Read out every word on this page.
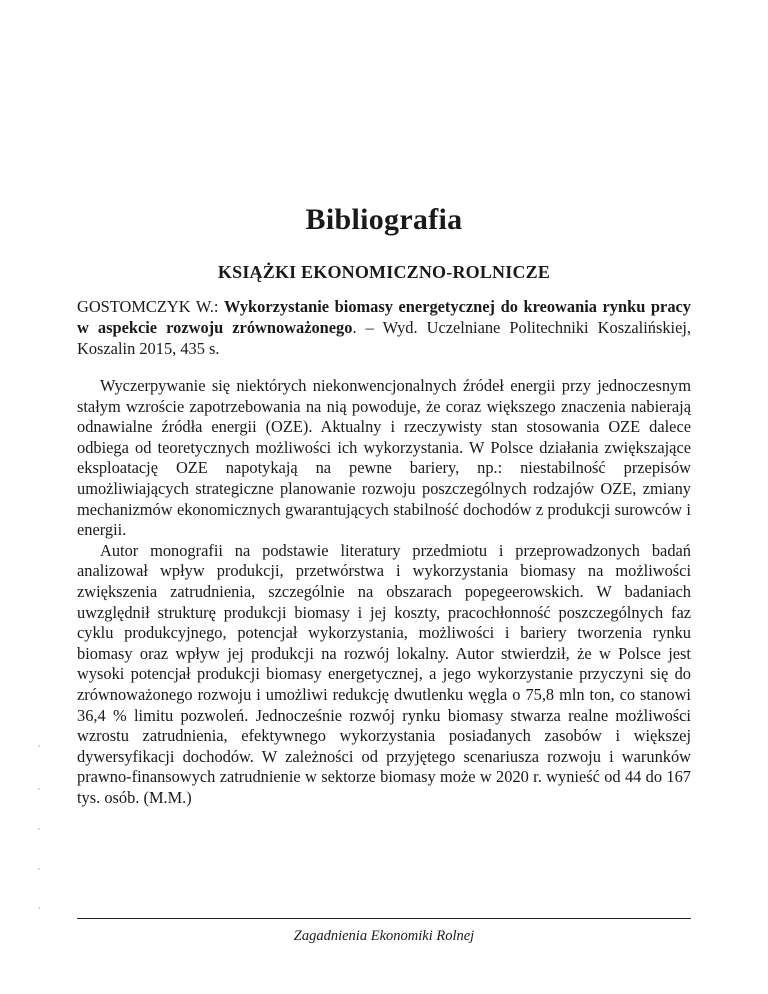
Bibliografia
KSIĄŻKI EKONOMICZNO-ROLNICZE

GOSTOMCZYK W.: Wykorzystanie biomasy energetycznej do kreowania rynku pracy w aspekcie rozwoju zrównoważonego. – Wyd. Uczelniane Politechniki Koszalińskiej, Koszalin 2015, 435 s.

Wyczerpywanie się niektórych niekonwencjonalnych źródeł energii przy jednoczesnym stałym wzroście zapotrzebowania na nią powoduje, że coraz większego znaczenia nabierają odnawialne źródła energii (OZE). Aktualny i rzeczywisty stan stosowania OZE dalece odbiega od teoretycznych możliwości ich wykorzystania. W Polsce działania zwiększające eksploatację OZE napotykają na pewne bariery, np.: niestabilność przepisów umożliwiających strategiczne planowanie rozwoju poszczególnych rodzajów OZE, zmiany mechanizmów ekonomicznych gwarantujących stabilność dochodów z produkcji surowców i energii.

Autor monografii na podstawie literatury przedmiotu i przeprowadzonych badań analizował wpływ produkcji, przetwórstwa i wykorzystania biomasy na możliwości zwiększenia zatrudnienia, szczególnie na obszarach popegeerowskich. W badaniach uwzględnił strukturę produkcji biomasy i jej koszty, pracochłonność poszczególnych faz cyklu produkcyjnego, potencjał wykorzystania, możliwości i bariery tworzenia rynku biomasy oraz wpływ jej produkcji na rozwój lokalny. Autor stwierdził, że w Polsce jest wysoki potencjał produkcji biomasy energetycznej, a jego wykorzystanie przyczyni się do zrównoważonego rozwoju i umożliwi redukcję dwutlenku węgla o 75,8 mln ton, co stanowi 36,4 % limitu pozwoleń. Jednocześnie rozwój rynku biomasy stwarza realne możliwości wzrostu zatrudnienia, efektywnego wykorzystania posiadanych zasobów i większej dywersyfikacji dochodów. W zależności od przyjętego scenariusza rozwoju i warunków prawno-finansowych zatrudnienie w sektorze biomasy może w 2020 r. wynieść od 44 do 167 tys. osób. (M.M.)

Zagadnienia Ekonomiki Rolnej
